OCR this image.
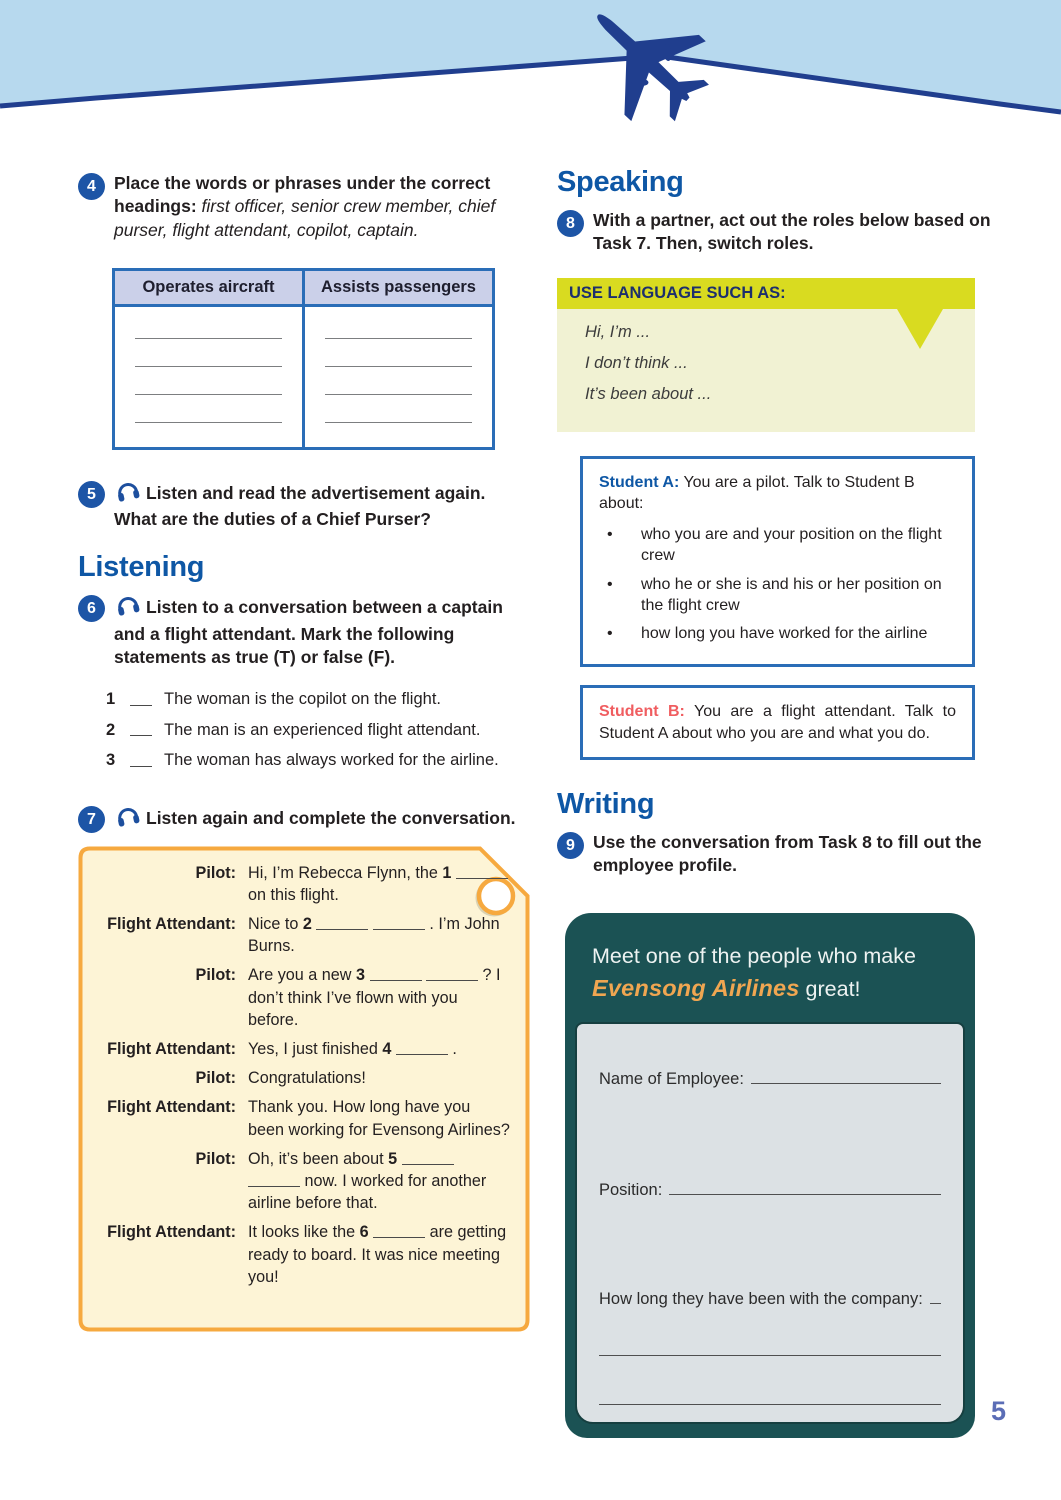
4	Place the words or phrases under the correct headings: first officer, senior crew member, chief purser, flight attendant, copilot, captain.
Operates aircraft	Assists passengers
5	Listen and read the advertisement again. What are the duties of a Chief Purser?
Listening
6	Listen to a conversation between a captain and a flight attendant. Mark the following statements as true (T) or false (F).
1	The woman is the copilot on the flight.
2	The man is an experienced flight attendant.
3	The woman has always worked for the airline.
7	Listen again and complete the conversation.
Pilot: Hi, I’m Rebecca Flynn, the 1  on this flight.
Flight Attendant: Nice to 2	. I’m John Burns.
Pilot: Are you a new 3	? I don’t think I’ve flown with you before.
Flight Attendant: Yes, I just finished 4	.
Pilot: Congratulations!
Flight Attendant: Thank you. How long have you been working for Evensong Airlines?
Pilot: Oh, it’s been about 5   now. I worked for another airline before that.
Flight Attendant: It looks like the 6	are getting ready to board. It was nice meeting you!
Speaking
8	With a partner, act out the roles below based on Task 7. Then, switch roles.
USE LANGUAGE SUCH AS:
Hi, I’m ...
I don’t think ...
It’s been about ...
Student A: You are a pilot. Talk to Student B about:
•	who you are and your position on the flight crew
•	who he or she is and his or her position on the flight crew
•	how long you have worked for the airline
Student B: You are a flight attendant. Talk to Student A about who you are and what you do.
Writing
9	Use the conversation from Task 8 to fill out the employee profile.
Meet one of the people who make
Evensong Airlines great!
Name of Employee:
Position:
How long they have been with the company:
5
